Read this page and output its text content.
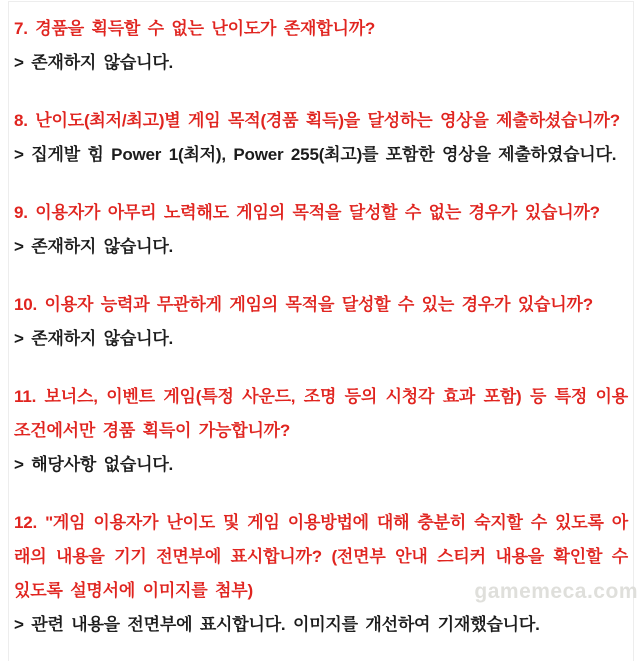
7. 경품을 획득할 수 없는 난이도가 존재합니까?

> 존재하지 않습니다.

8. 난이도(최저/최고)별 게임 목적(경품 획득)을 달성하는 영상을 제출하셨습니까?

> 집게발 힘 Power 1(최저), Power 255(최고)를 포함한 영상을 제출하였습니다.

9. 이용자가 아무리 노력해도 게임의 목적을 달성할 수 없는 경우가 있습니까?

> 존재하지 않습니다.

10. 이용자 능력과 무관하게 게임의 목적을 달성할 수 있는 경우가 있습니까?

> 존재하지 않습니다.

11. 보너스, 이벤트 게임(특정 사운드, 조명 등의 시청각 효과 포함) 등 특정 이용 조건에서만 경품 획득이 가능합니까?

> 해당사항 없습니다.

12. "게임 이용자가 난이도 및 게임 이용방법에 대해 충분히 숙지할 수 있도록 아래의 내용을 기기 전면부에 표시합니까? (전면부 안내 스티커 내용을 확인할 수 있도록 설명서에 이미지를 첨부)

> 관련 내용을 전면부에 표시합니다. 이미지를 개선하여 기재했습니다.

gamemeca.com
